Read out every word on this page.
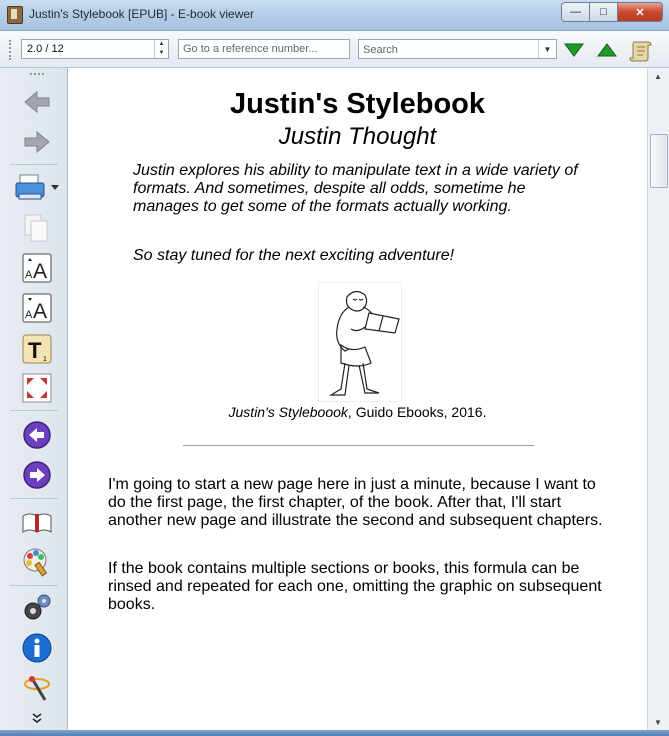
Justin's Stylebook [EPUB] - E-book viewer	—	□	✕
2.0 / 12	▲
▼
Go to a reference number...
Search	▼
A A
A A
T 1
Justin's Stylebook
Justin Thought

Justin explores his ability to manipulate text in a wide variety of formats. And sometimes, despite all odds, sometime he manages to get some of the formats actually working.

So stay tuned for the next exciting adventure!

Justin's Styleboook, Guido Ebooks, 2016.

I'm going to start a new page here in just a minute, because I want to do the first page, the first chapter, of the book. After that, I'll start another new page and illustrate the second and subsequent chapters.

If the book contains multiple sections or books, this formula can be rinsed and repeated for each one, omitting the graphic on subsequent books.

▲
▼
